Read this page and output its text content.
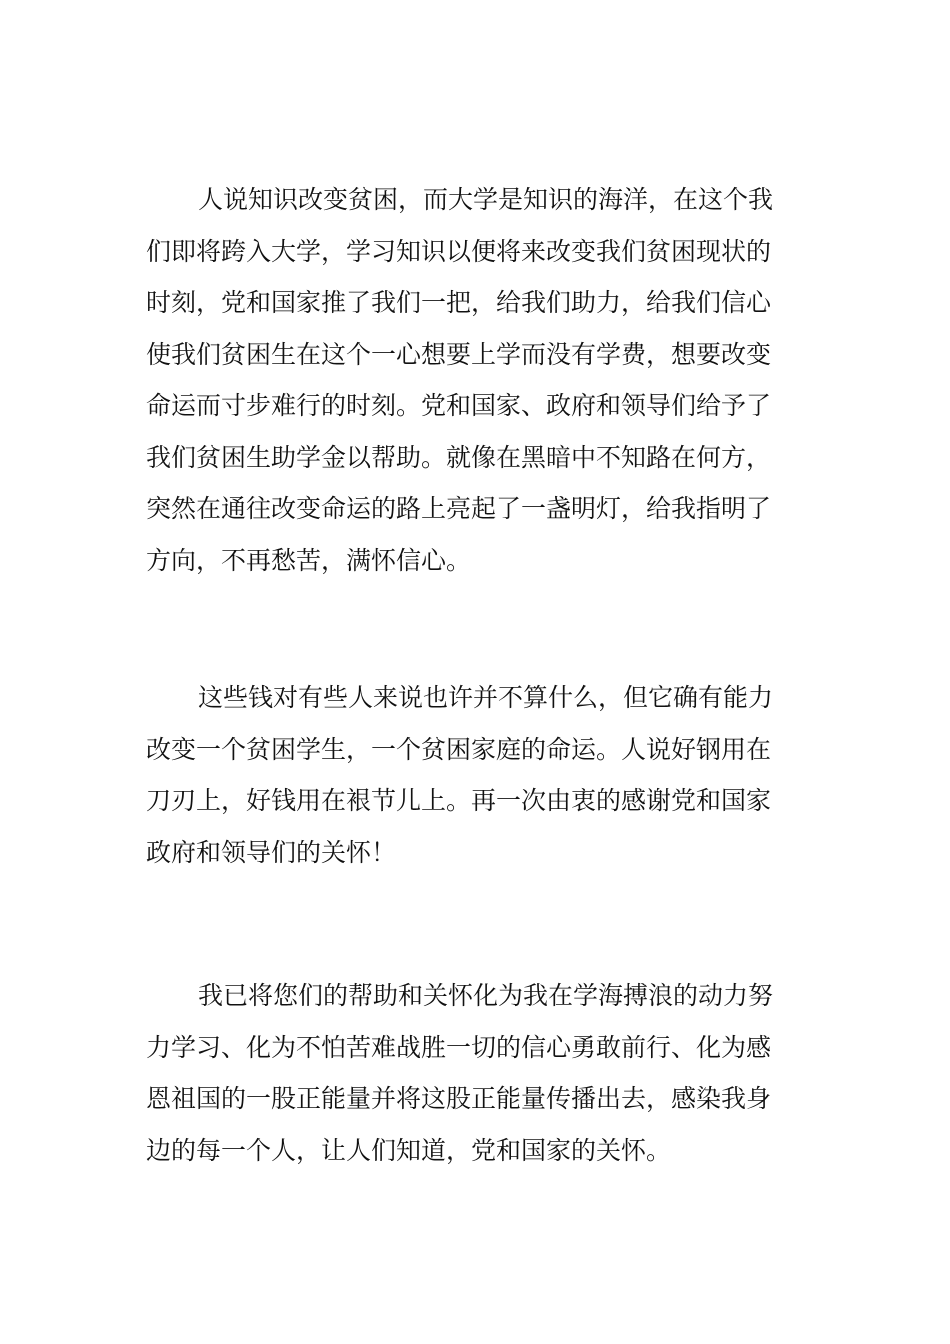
人说知识改变贫困，而大学是知识的海洋，在这个我
们即将跨入大学，学习知识以便将来改变我们贫困现状的
时刻，党和国家推了我们一把，给我们助力，给我们信心
使我们贫困生在这个一心想要上学而没有学费，想要改变
命运而寸步难行的时刻。党和国家、政府和领导们给予了
我们贫困生助学金以帮助。就像在黑暗中不知路在何方，
突然在通往改变命运的路上亮起了一盏明灯，给我指明了
方向，不再愁苦，满怀信心。
这些钱对有些人来说也许并不算什么，但它确有能力
改变一个贫困学生，一个贫困家庭的命运。人说好钢用在
刀刃上，好钱用在裉节儿上。再一次由衷的感谢党和国家
政府和领导们的关怀！
我已将您们的帮助和关怀化为我在学海搏浪的动力努
力学习、化为不怕苦难战胜一切的信心勇敢前行、化为感
恩祖国的一股正能量并将这股正能量传播出去，感染我身
边的每一个人，让人们知道，党和国家的关怀。
